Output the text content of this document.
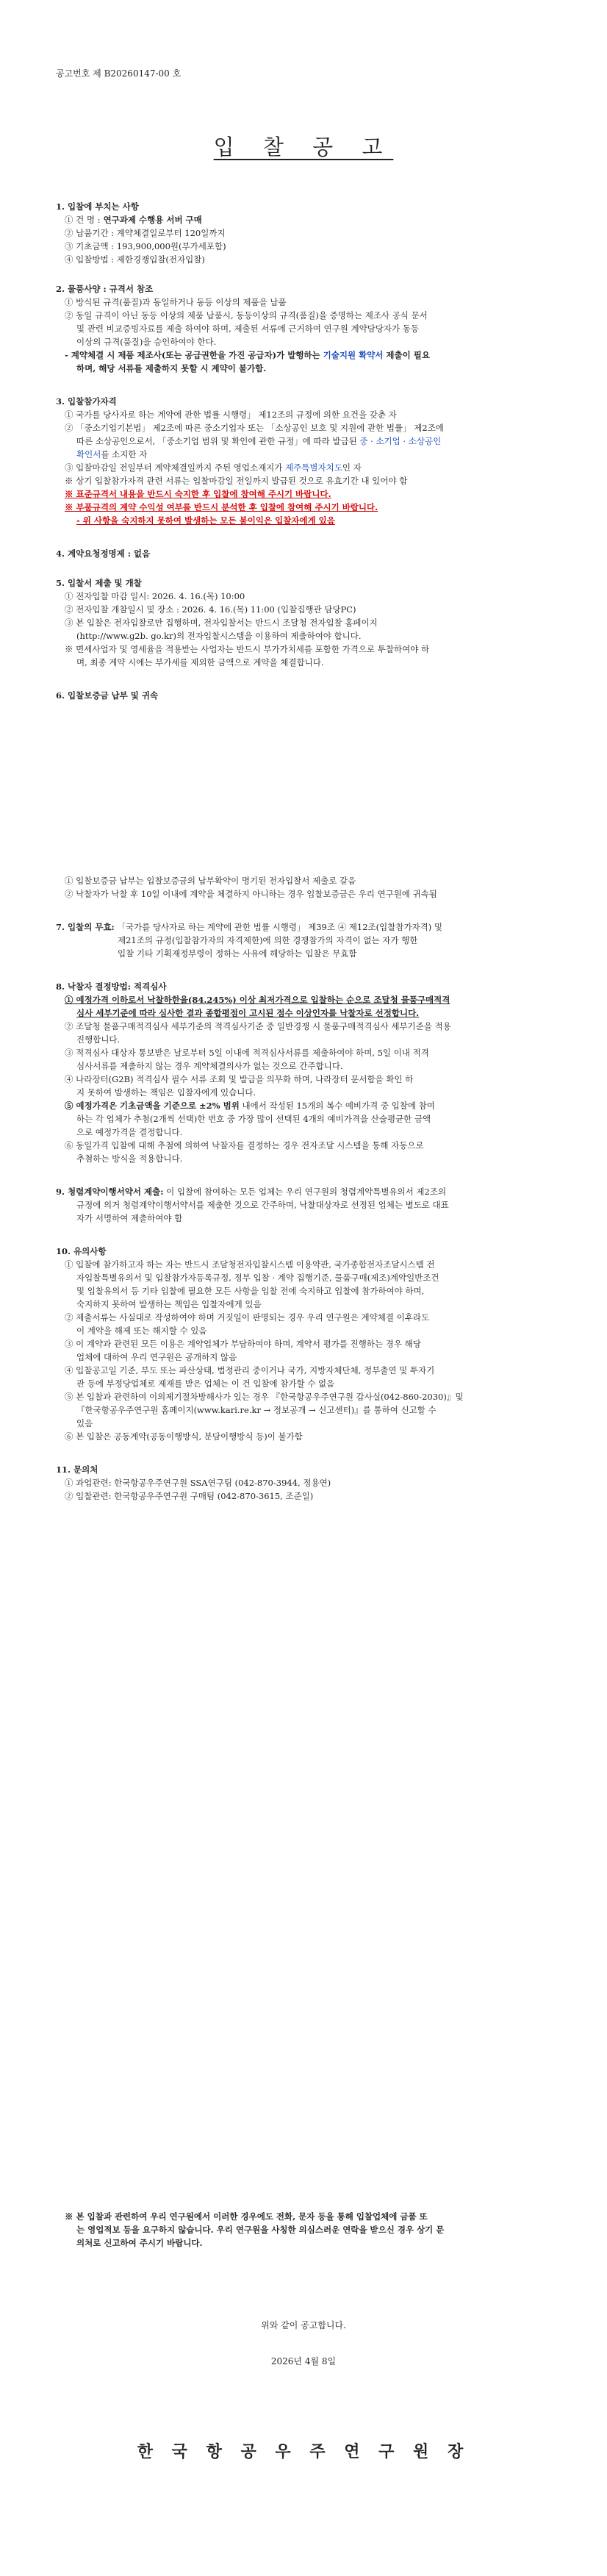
공고번호 제 B20260147-00 호
입 찰 공 고
1. 입찰에 부치는 사항
① 건 명 : 연구과제 수행용 서버 구매
② 납품기간 : 계약체결일로부터 120일까지
③ 기초금액 : 193,900,000원(부가세포함)
④ 입찰방법 : 제한경쟁입찰(전자입찰)
2. 물품사양 : 규격서 참조
① 방식된 규격(품질)과 동일하거나 동등 이상의 제품을 납품
② 동일 규격이 아닌 동등 이상의 제품 납품시, 동등이상의 규격(품질)을 증명하는 제조사 공식 문서
및 관련 비교증빙자료를 제출 하여야 하며, 제출된 서류에 근거하여 연구원 계약담당자가 동등
이상의 규격(품질)을 승인하여야 한다.
- 계약체결 시 제품 제조사(또는 공급권한을 가진 공급자)가 발행하는 기술지원 확약서 제출이 필요
하며, 해당 서류를 제출하지 못할 시 계약이 불가함.
3. 입찰참가자격
① 국가를 당사자로 하는 계약에 관한 법률 시행령」 제12조의 규정에 의한 요건을 갖춘 자
② 「중소기업기본법」 제2조에 따른 중소기업자 또는 「소상공인 보호 및 지원에 관한 법률」 제2조에
따른 소상공인으로서, 「중소기업 범위 및 확인에 관한 규정」에 따라 발급된 중 · 소기업 · 소상공인
확인서를 소지한 자
③ 입찰마감일 전일부터 계약체결일까지 주된 영업소재지가 제주특별자치도인 자
※ 상기 입찰참가자격 관련 서류는 입찰마감일 전일까지 발급된 것으로 유효기간 내 있어야 함
※ 표준규격서 내용을 반드시 숙지한 후 입찰에 참여해 주시기 바랍니다.
※ 부품규격의 계약 수익성 여부를 반드시 분석한 후 입찰에 참여해 주시기 바랍니다.
- 위 사항을 숙지하지 못하여 발생하는 모든 불이익은 입찰자에게 있음
4. 계약요청정명제 : 없음
5. 입찰서 제출 및 개찰
① 전자입찰 마감 일시: 2026. 4. 16.(목) 10:00
② 전자입찰 개찰일시 및 장소 : 2026. 4. 16.(목) 11:00 (입찰집행관 담당PC)
③ 본 입찰은 전자입찰로만 집행하며, 전자입찰서는 반드시 조달청 전자입찰 홈페이지
(http://www.g2b. go.kr)의 전자입찰시스템을 이용하여 제출하여야 합니다.
※ 면세사업자 및 영세율을 적용받는 사업자는 반드시 부가가치세를 포함한 가격으로 투찰하여야 하
며, 최종 계약 시에는 부가세를 제외한 금액으로 계약을 체결합니다.
6. 입찰보증금 납부 및 귀속
① 입찰보증금 납부는 입찰보증금의 납부확약이 명기된 전자입찰서 제출로 갈음
② 낙찰자가 낙찰 후 10일 이내에 계약을 체결하지 아니하는 경우 입찰보증금은 우리 연구원에 귀속됨
7. 입찰의 무효: 「국가를 당사자로 하는 계약에 관한 법률 시행령」 제39조 ④ 제12조(입찰참가자격) 및
제21조의 규정(입찰참가자의 자격제한)에 의한 경쟁참가의 자격이 없는 자가 행한
입찰 기타 기획재정부령이 정하는 사유에 해당하는 입찰은 무효함
8. 낙찰자 결정방법: 적격심사
① 예정가격 이하로서 낙찰하한율(84.245%) 이상 최저가격으로 입찰하는 순으로 조달청 물품구매적격
심사 세부기준에 따라 심사한 결과 종합평점이 고시된 점수 이상인자를 낙찰자로 선정합니다.
② 조달청 물품구매적격심사 세부기준의 적격심사기준 중 일반경쟁 시 물품구매적격심사 세부기준을 적용
진행합니다.
③ 적격심사 대상자 통보받은 날로부터 5일 이내에 적격심사서류를 제출하여야 하며, 5일 이내 적격
심사서류를 제출하지 않는 경우 계약체결의사가 없는 것으로 간주합니다.
④ 나라장터(G2B) 적격심사 필수 서류 조회 및 발급을 의무화 하며, 나라장터 문서함을 확인 하
지 못하여 발생하는 책임은 입찰자에게 있습니다.
⑤ 예정가격은 기초금액을 기준으로 ±2% 범위 내에서 작성된 15개의 복수 예비가격 중 입찰에 참여
하는 각 업체가 추첨(2개씩 선택)한 번호 중 가장 많이 선택된 4개의 예비가격을 산술평균한 금액
으로 예정가격을 결정합니다.
⑥ 동일가격 입찰에 대해 추첨에 의하여 낙찰자를 결정하는 경우 전자조달 시스템을 통해 자동으로
추첨하는 방식을 적용합니다.
9. 청렴계약이행서약서 제출: 이 입찰에 참여하는 모든 업체는 우리 연구원의 청렴계약특별유의서 제2조의
규정에 의거 청렴계약이행서약서를 제출한 것으로 간주하며, 낙찰대상자로 선정된 업체는 별도로 대표
자가 서명하여 제출하여야 함
10. 유의사항
① 입찰에 참가하고자 하는 자는 반드시 조달청전자입찰시스템 이용약관, 국가종합전자조달시스템 전
자입찰특별유의서 및 입찰참가자등록규정, 정부 입찰 · 계약 집행기준, 물품구매(제조)계약일반조건
및 입찰유의서 등 기타 입찰에 필요한 모든 사항을 입찰 전에 숙지하고 입찰에 참가하여야 하며,
숙지하지 못하여 발생하는 책임은 입찰자에게 있음
② 제출서류는 사실대로 작성하여야 하며 거짓일이 판명되는 경우 우리 연구원은 계약체결 이후라도
이 계약을 해제 또는 해지할 수 있음
③ 이 계약과 관련된 모든 이용은 계약업체가 부담하여야 하며, 계약서 평가를 진행하는 경우 해당
업체에 대하여 우리 연구원은 공개하지 않음
④ 입찰공고일 기준, 부도 또는 파산상태, 법정관리 중이거나 국가, 지방자체단체, 정부출연 및 투자기
관 등에 부정당업체로 제재를 받은 업체는 이 건 입찰에 참가할 수 없음
⑤ 본 입찰과 관련하여 이의제기절차방해사가 있는 경우 『한국항공우주연구원 갑사실(042-860-2030)』및
『한국항공우주연구원 홈페이지(www.kari.re.kr → 정보공개 → 신고센터)』를 통하여 신고할 수
있음
⑥ 본 입찰은 공동계약(공동이행방식, 분담이행방식 등)이 불가함
11. 문의처
① 과업관련: 한국항공우주연구원 SSA연구팀 (042-870-3944, 정용연)
② 입찰관련: 한국항공우주연구원 구매팀 (042-870-3615, 조준일)
※ 본 입찰과 관련하여 우리 연구원에서 이러한 경우에도 전화, 문자 등을 통해 입찰업체에 금품 또
는 영업적보 등을 요구하지 않습니다. 우리 연구원을 사칭한 의심스러운 연락을 받으신 경우 상기 문
의처로 신고하여 주시기 바랍니다.
위와 같이 공고합니다.
2026년 4월 8일
한 국 항 공 우 주 연 구 원 장
